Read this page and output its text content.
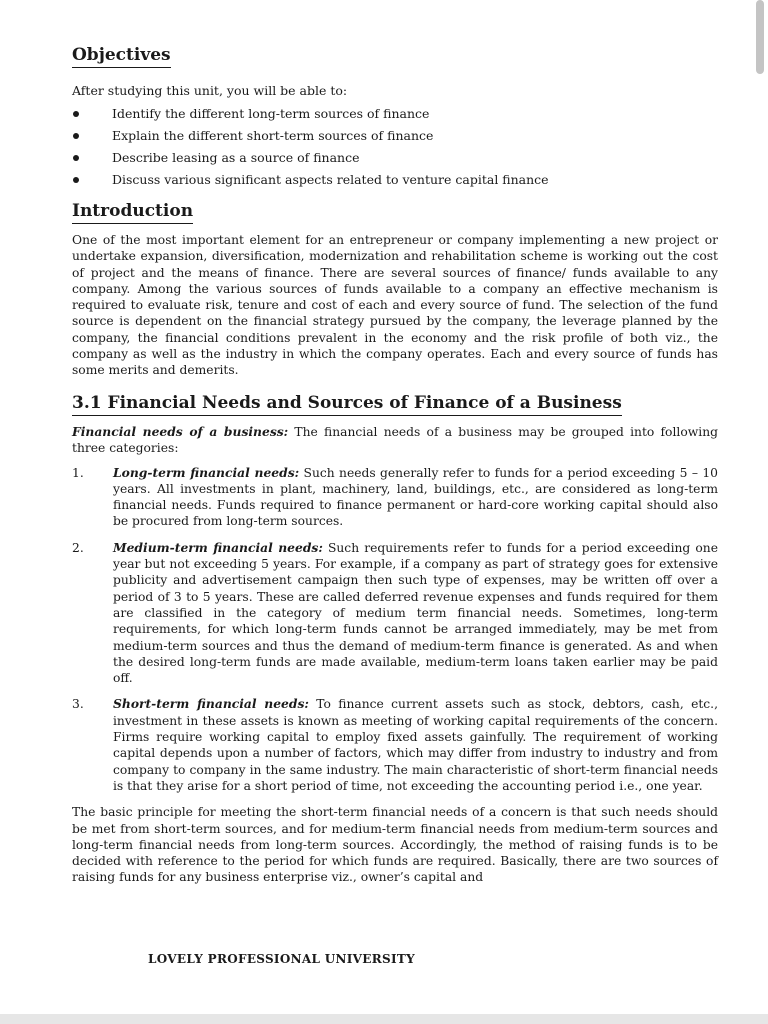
Objectives

After studying this unit, you will be able to:

Identify the different long-term sources of finance
Explain the different short-term sources of finance
Describe leasing as a source of finance
Discuss various significant aspects related to venture capital finance
Introduction

One of the most important element for an entrepreneur or company implementing a new project or undertake expansion, diversification, modernization and rehabilitation scheme is working out the cost of project and the means of finance. There are several sources of finance/ funds available to any company. Among the various sources of funds available to a company an effective mechanism is required to evaluate risk, tenure and cost of each and every source of fund. The selection of the fund source is dependent on the financial strategy pursued by the company, the leverage planned by the company, the financial conditions prevalent in the economy and the risk profile of both viz., the company as well as the industry in which the company operates. Each and every source of funds has some merits and demerits.

3.1 Financial Needs and Sources of Finance of a Business

Financial needs of a business: The financial needs of a business may be grouped into following three categories:

1. Long-term financial needs: Such needs generally refer to funds for a period exceeding 5 – 10 years. All investments in plant, machinery, land, buildings, etc., are considered as long-term financial needs. Funds required to finance permanent or hard-core working capital should also be procured from long-term sources.
2. Medium-term financial needs: Such requirements refer to funds for a period exceeding one year but not exceeding 5 years. For example, if a company as part of strategy goes for extensive publicity and advertisement campaign then such type of expenses, may be written off over a period of 3 to 5 years. These are called deferred revenue expenses and funds required for them are classified in the category of medium term financial needs. Sometimes, long-term requirements, for which long-term funds cannot be arranged immediately, may be met from medium-term sources and thus the demand of medium-term finance is generated. As and when the desired long-term funds are made available, medium-term loans taken earlier may be paid off.
3. Short-term financial needs: To finance current assets such as stock, debtors, cash, etc., investment in these assets is known as meeting of working capital requirements of the concern. Firms require working capital to employ fixed assets gainfully. The requirement of working capital depends upon a number of factors, which may differ from industry to industry and from company to company in the same industry. The main characteristic of short-term financial needs is that they arise for a short period of time, not exceeding the accounting period i.e., one year.

The basic principle for meeting the short-term financial needs of a concern is that such needs should be met from short-term sources, and for medium-term financial needs from medium-term sources and long-term financial needs from long-term sources. Accordingly, the method of raising funds is to be decided with reference to the period for which funds are required. Basically, there are two sources of raising funds for any business enterprise viz., owner’s capital and

LOVELY PROFESSIONAL UNIVERSITY
